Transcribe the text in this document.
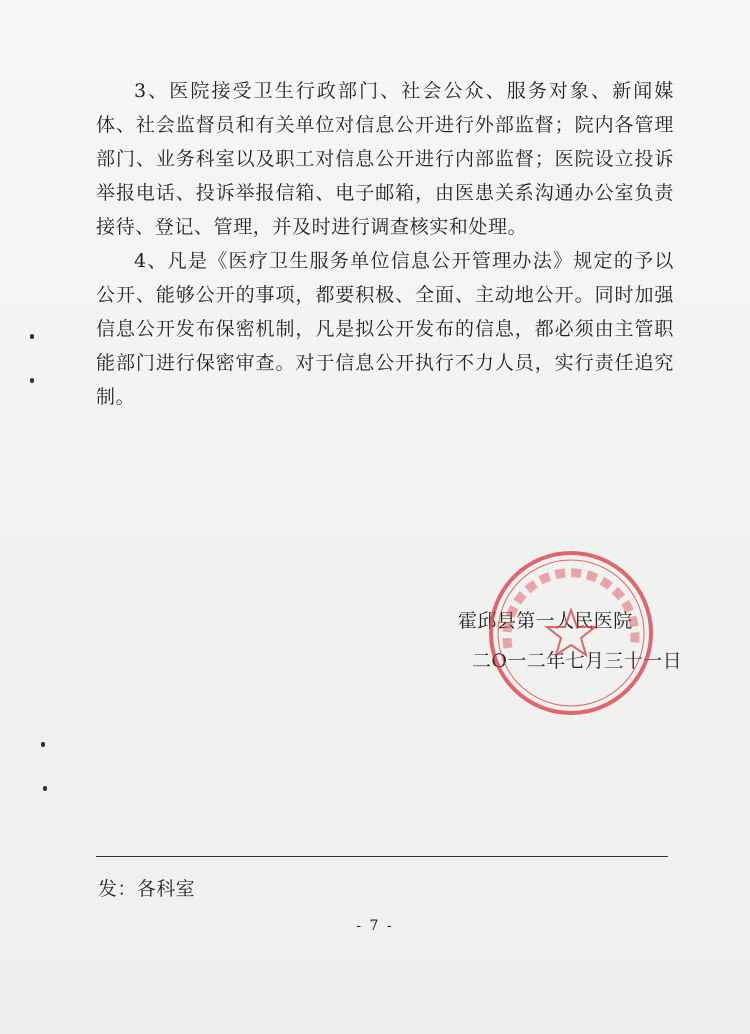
3、医院接受卫生行政部门、社会公众、服务对象、新闻媒体、社会监督员和有关单位对信息公开进行外部监督；院内各管理部门、业务科室以及职工对信息公开进行内部监督；医院设立投诉举报电话、投诉举报信箱、电子邮箱，由医患关系沟通办公室负责接待、登记、管理，并及时进行调查核实和处理。

4、凡是《医疗卫生服务单位信息公开管理办法》规定的予以公开、能够公开的事项，都要积极、全面、主动地公开。同时加强信息公开发布保密机制，凡是拟公开发布的信息，都必须由主管职能部门进行保密审查。对于信息公开执行不力人员，实行责任追究制。

霍邱县第一人民医院
二O一二年七月三十一日
发：各科室
- 7 -
